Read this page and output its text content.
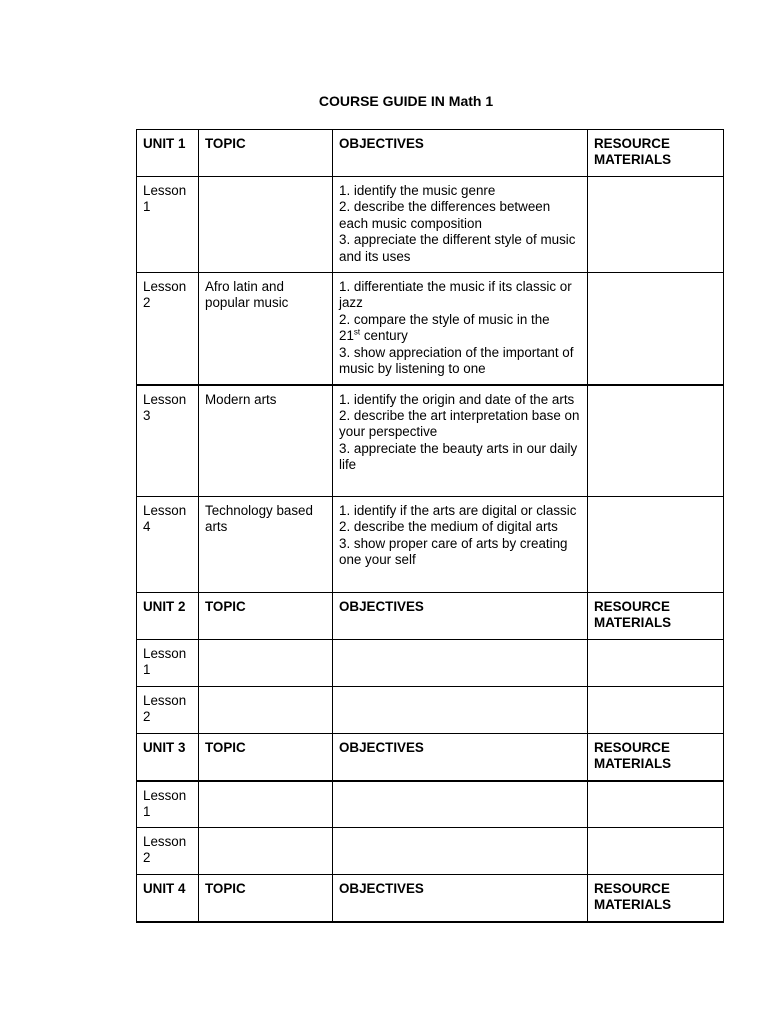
COURSE GUIDE IN Math 1
UNIT 1	TOPIC	OBJECTIVES	RESOURCE MATERIALS
Lesson 1		1. identify the music genre
2. describe the differences between each music composition
3. appreciate the different style of music and its uses	

Lesson 2	Afro latin and popular music	1. differentiate the music if its classic or jazz
2. compare the style of music in the
21st century
3. show appreciation of the important of music by listening to one	

Lesson 3	Modern arts	1. identify the origin and date of the arts
2. describe the art interpretation base on your perspective
3. appreciate the beauty arts in our daily life	

Lesson 4	Technology based arts	1. identify if the arts are digital or classic
2. describe the medium of digital arts
3. show proper care of arts by creating one your self	

UNIT 2	TOPIC	OBJECTIVES	RESOURCE MATERIALS
Lesson 1			
Lesson 2			
UNIT 3	TOPIC	OBJECTIVES	RESOURCE MATERIALS
Lesson 1			
Lesson 2			
UNIT 4	TOPIC	OBJECTIVES	RESOURCE MATERIALS
